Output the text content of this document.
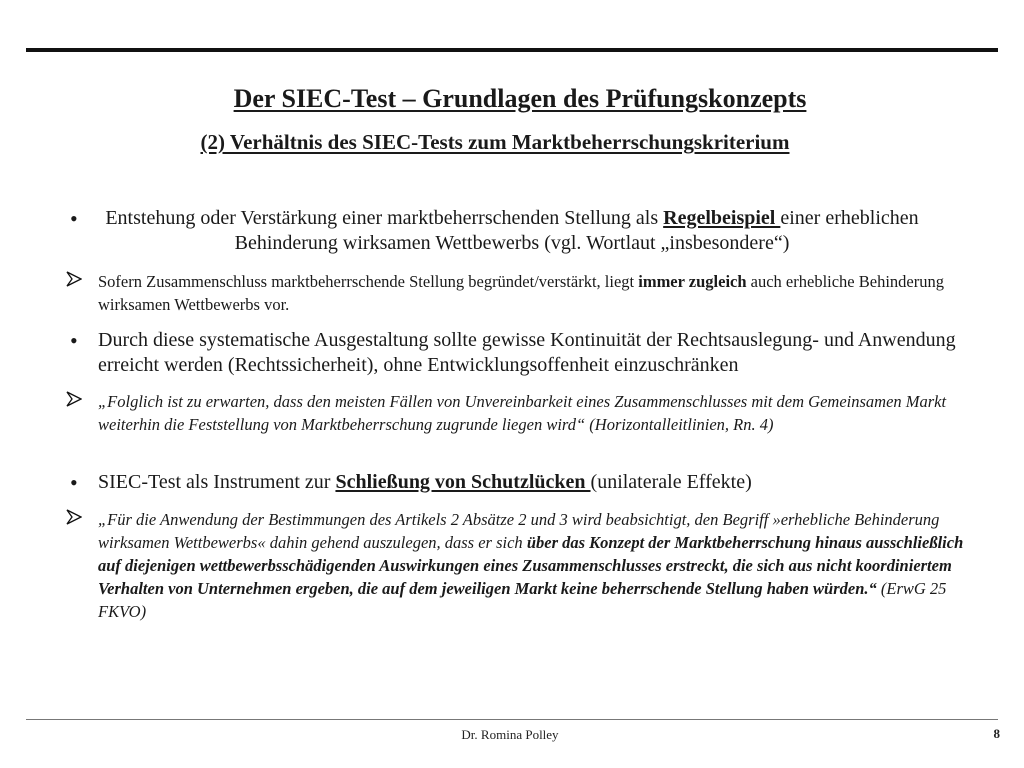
Der SIEC-Test – Grundlagen des Prüfungskonzepts
(2) Verhältnis des SIEC-Tests zum Marktbeherrschungskriterium
•	Entstehung oder Verstärkung einer marktbeherrschenden Stellung als Regelbeispiel einer erheblichen Behinderung wirksamen Wettbewerbs (vgl. Wortlaut „insbesondere“)
Sofern Zusammenschluss marktbeherrschende Stellung begründet/verstärkt, liegt immer zugleich auch erhebliche Behinderung wirksamen Wettbewerbs vor.
•	Durch diese systematische Ausgestaltung sollte gewisse Kontinuität der Rechtsauslegung- und Anwendung erreicht werden (Rechtssicherheit), ohne Entwicklungsoffenheit einzuschränken
„Folglich ist zu erwarten, dass den meisten Fällen von Unvereinbarkeit eines Zusammenschlusses mit dem Gemeinsamen Markt weiterhin die Feststellung von Marktbeherrschung zugrunde liegen wird“ (Horizontalleitlinien, Rn. 4)
•	SIEC-Test als Instrument zur Schließung von Schutzlücken (unilaterale Effekte)
„Für die Anwendung der Bestimmungen des Artikels 2 Absätze 2 und 3 wird beabsichtigt, den Begriff »erhebliche Behinderung wirksamen Wettbewerbs« dahin gehend auszulegen, dass er sich über das Konzept der Marktbeherrschung hinaus ausschließlich auf diejenigen wettbewerbsschädigenden Auswirkungen eines Zusammenschlusses erstreckt, die sich aus nicht koordiniertem Verhalten von Unternehmen ergeben, die auf dem jeweiligen Markt keine beherrschende Stellung haben würden.“ (ErwG 25 FKVO)
Dr. Romina Polley	8
